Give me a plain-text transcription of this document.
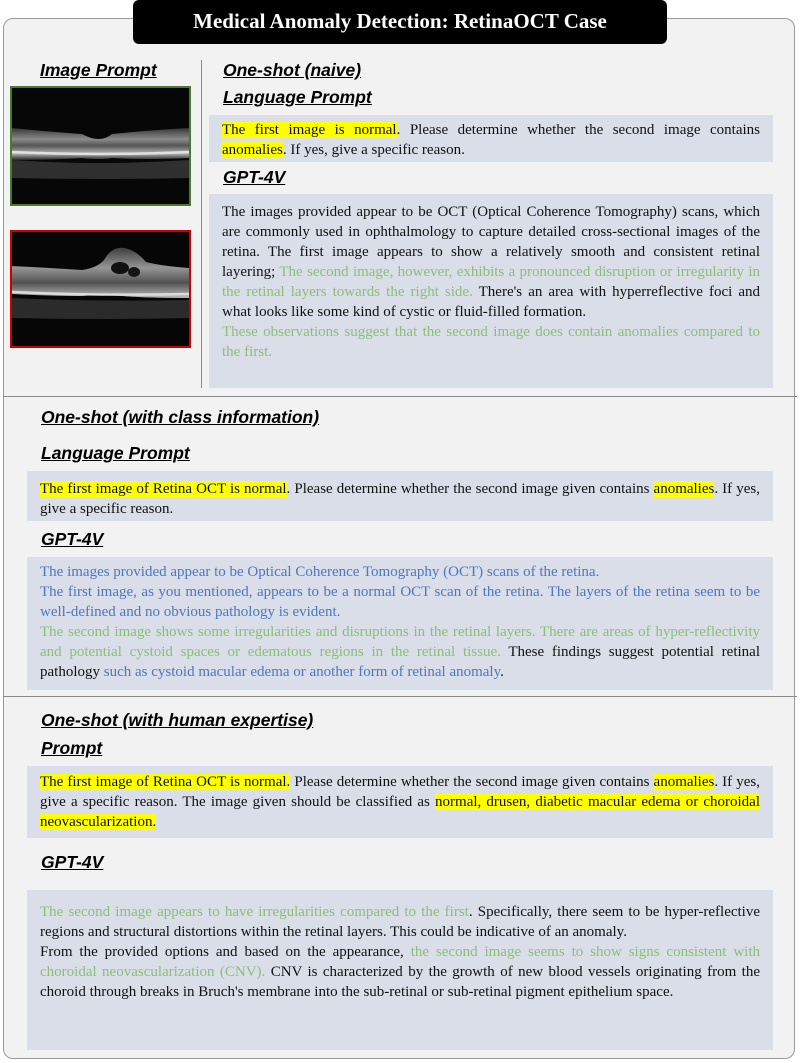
Medical Anomaly Detection: RetinaOCT Case
Image Prompt	One-shot (naive)
Language Prompt
The first image is normal. Please determine whether the second image contains anomalies. If yes, give a specific reason.
GPT-4V
The images provided appear to be OCT (Optical Coherence Tomography) scans, which are commonly used in ophthalmology to capture detailed cross-sectional images of the retina. The first image appears to show a relatively smooth and consistent retinal layering; The second image, however, exhibits a pronounced disruption or irregularity in the retinal layers towards the right side. There's an area with hyperreflective foci and what looks like some kind of cystic or fluid-filled formation.
These observations suggest that the second image does contain anomalies compared to the first.
One-shot (with class information)
Language Prompt
The first image of Retina OCT is normal. Please determine whether the second image given contains anomalies. If yes, give a specific reason.
GPT-4V
The images provided appear to be Optical Coherence Tomography (OCT) scans of the retina.
The first image, as you mentioned, appears to be a normal OCT scan of the retina. The layers of the retina seem to be well-defined and no obvious pathology is evident.
The second image shows some irregularities and disruptions in the retinal layers. There are areas of hyper-reflectivity and potential cystoid spaces or edematous regions in the retinal tissue. These findings suggest potential retinal pathology such as cystoid macular edema or another form of retinal anomaly.
One-shot (with human expertise)
Prompt
The first image of Retina OCT is normal. Please determine whether the second image given contains anomalies. If yes, give a specific reason. The image given should be classified as normal, drusen, diabetic macular edema or choroidal neovascularization.
GPT-4V
The second image appears to have irregularities compared to the first. Specifically, there seem to be hyper-reflective regions and structural distortions within the retinal layers. This could be indicative of an anomaly.
From the provided options and based on the appearance, the second image seems to show signs consistent with choroidal neovascularization (CNV). CNV is characterized by the growth of new blood vessels originating from the choroid through breaks in Bruch's membrane into the sub-retinal or sub-retinal pigment epithelium space.
